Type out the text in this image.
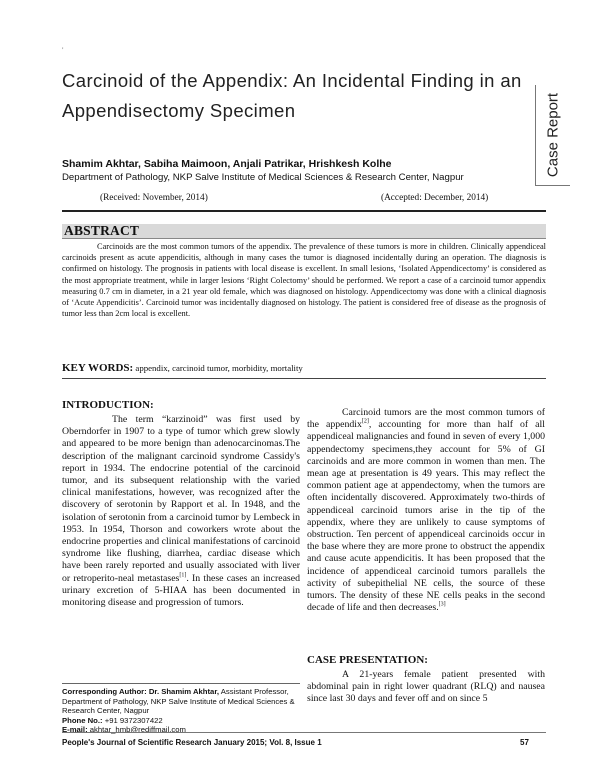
,
Carcinoid of the Appendix: An Incidental Finding in an Appendisectomy Specimen	Case Report
Shamim Akhtar, Sabiha Maimoon, Anjali Patrikar, Hrishkesh Kolhe
Department of Pathology, NKP Salve Institute of Medical Sciences & Research Center, Nagpur
(Received: November, 2014)	(Accepted: December, 2014)
ABSTRACT
Carcinoids are the most common tumors of the appendix. The prevalence of these tumors is more in children. Clinically appendiceal carcinoids present as acute appendicitis, although in many cases the tumor is diagnosed incidentally during an operation. The diagnosis is confirmed on histology. The prognosis in patients with local disease is excellent. In small lesions, ‘Isolated Appendicectomy’ is considered as the most appropriate treatment, while in larger lesions ‘Right Colectomy’ should be performed. We report a case of a carcinoid tumor appendix measuring 0.7 cm in diameter, in a 21 year old female, which was diagnosed on histology. Appendicectomy was done with a clinical diagnosis of ‘Acute Appendicitis’. Carcinoid tumor was incidentally diagnosed on histology. The patient is considered free of disease as the prognosis of tumor less than 2cm local is excellent.
KEY WORDS: appendix, carcinoid tumor, morbidity, mortality
INTRODUCTION:
The term “karzinoid” was first used by Oberndorfer in 1907 to a type of tumor which grew slowly and appeared to be more benign than adenocarcinomas.The description of the malignant carcinoid syndrome Cassidy's report in 1934. The endocrine potential of the carcinoid tumor, and its subsequent relationship with the varied clinical manifestations, however, was recognized after the discovery of serotonin by Rapport et al. In 1948, and the isolation of serotonin from a carcinoid tumor by Lembeck in 1953. In 1954, Thorson and coworkers wrote about the endocrine properties and clinical manifestations of carcinoid syndrome like flushing, diarrhea, cardiac disease which have been rarely reported and usually associated with liver or retroperito-neal metastases[1]. In these cases an increased urinary excretion of 5-HIAA has been documented in monitoring disease and progression of tumors.
Carcinoid tumors are the most common tumors of the appendix[2], accounting for more than half of all appendiceal malignancies and found in seven of every 1,000 appendectomy specimens,they account for 5% of GI carcinoids and are more common in women than men. The mean age at presentation is 49 years. This may reflect the common patient age at appendectomy, when the tumors are often incidentally discovered. Approximately two-thirds of appendiceal carcinoid tumors arise in the tip of the appendix, where they are unlikely to cause symptoms of obstruction. Ten percent of appendiceal carcinoids occur in the base where they are more prone to obstruct the appendix and cause acute appendicitis. It has been proposed that the incidence of appendiceal carcinoid tumors parallels the activity of subepithelial NE cells, the source of these tumors. The density of these NE cells peaks in the second decade of life and then decreases.[3]
CASE PRESENTATION:
A 21-years female patient presented with abdominal pain in right lower quadrant (RLQ) and nausea since last 30 days and fever off and on since 5
Corresponding Author: Dr. Shamim Akhtar, Assistant Professor, Department of Pathology, NKP Salve Institute of Medical Sciences & Research Center, Nagpur
Phone No.: +91 9372307422
E-mail: akhtar_hmb@rediffmail.com
People's Journal of Scientific Research January 2015; Vol. 8, Issue 1	57
